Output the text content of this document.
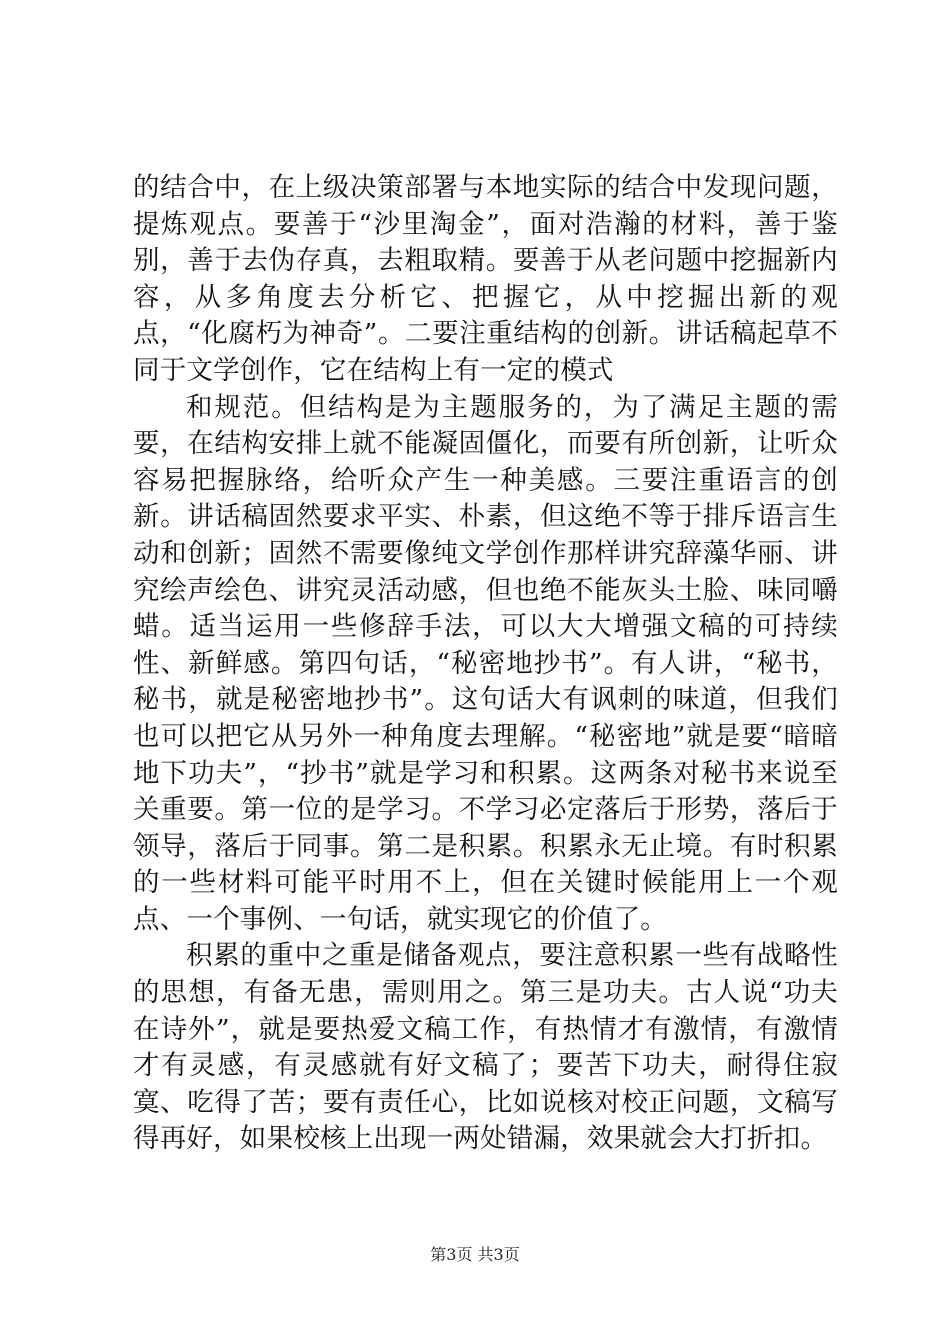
的结合中，在上级决策部署与本地实际的结合中发现问题，提炼观点。要善于“沙里淘金”，面对浩瀚的材料，善于鉴别，善于去伪存真，去粗取精。要善于从老问题中挖掘新内容，从多角度去分析它、把握它，从中挖掘出新的观点，“化腐朽为神奇”。二要注重结构的创新。讲话稿起草不同于文学创作，它在结构上有一定的模式

和规范。但结构是为主题服务的，为了满足主题的需要，在结构安排上就不能凝固僵化，而要有所创新，让听众容易把握脉络，给听众产生一种美感。三要注重语言的创新。讲话稿固然要求平实、朴素，但这绝不等于排斥语言生动和创新；固然不需要像纯文学创作那样讲究辞藻华丽、讲究绘声绘色、讲究灵活动感，但也绝不能灰头土脸、味同嚼蜡。适当运用一些修辞手法，可以大大增强文稿的可持续性、新鲜感。第四句话，“秘密地抄书”。有人讲，“秘书，秘书，就是秘密地抄书”。这句话大有讽刺的味道，但我们也可以把它从另外一种角度去理解。“秘密地”就是要“暗暗地下功夫”，“抄书”就是学习和积累。这两条对秘书来说至关重要。第一位的是学习。不学习必定落后于形势，落后于领导，落后于同事。第二是积累。积累永无止境。有时积累的一些材料可能平时用不上，但在关键时候能用上一个观点、一个事例、一句话，就实现它的价值了。

积累的重中之重是储备观点，要注意积累一些有战略性的思想，有备无患，需则用之。第三是功夫。古人说“功夫在诗外”，就是要热爱文稿工作，有热情才有激情，有激情才有灵感，有灵感就有好文稿了；要苦下功夫，耐得住寂寞、吃得了苦；要有责任心，比如说核对校正问题，文稿写得再好，如果校核上出现一两处错漏，效果就会大打折扣。

第3页 共3页
